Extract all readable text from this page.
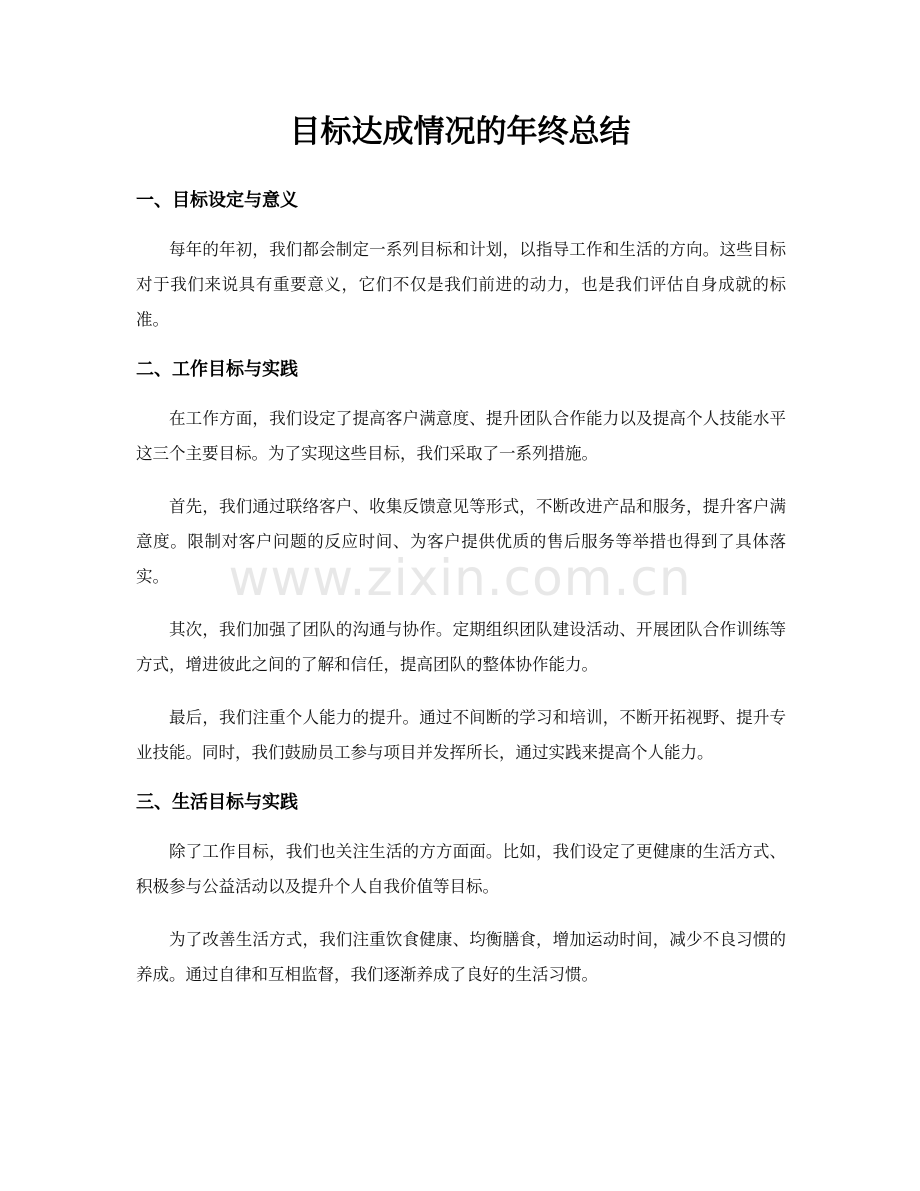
目标达成情况的年终总结
一、目标设定与意义

每年的年初，我们都会制定一系列目标和计划，以指导工作和生活的方向。这些目标对于我们来说具有重要意义，它们不仅是我们前进的动力，也是我们评估自身成就的标准。

二、工作目标与实践

在工作方面，我们设定了提高客户满意度、提升团队合作能力以及提高个人技能水平这三个主要目标。为了实现这些目标，我们采取了一系列措施。

首先，我们通过联络客户、收集反馈意见等形式，不断改进产品和服务，提升客户满意度。限制对客户问题的反应时间、为客户提供优质的售后服务等举措也得到了具体落实。

其次，我们加强了团队的沟通与协作。定期组织团队建设活动、开展团队合作训练等方式，增进彼此之间的了解和信任，提高团队的整体协作能力。

最后，我们注重个人能力的提升。通过不间断的学习和培训，不断开拓视野、提升专业技能。同时，我们鼓励员工参与项目并发挥所长，通过实践来提高个人能力。

三、生活目标与实践

除了工作目标，我们也关注生活的方方面面。比如，我们设定了更健康的生活方式、积极参与公益活动以及提升个人自我价值等目标。

为了改善生活方式，我们注重饮食健康、均衡膳食，增加运动时间，减少不良习惯的养成。通过自律和互相监督，我们逐渐养成了良好的生活习惯。

www.zixin.com.cn
